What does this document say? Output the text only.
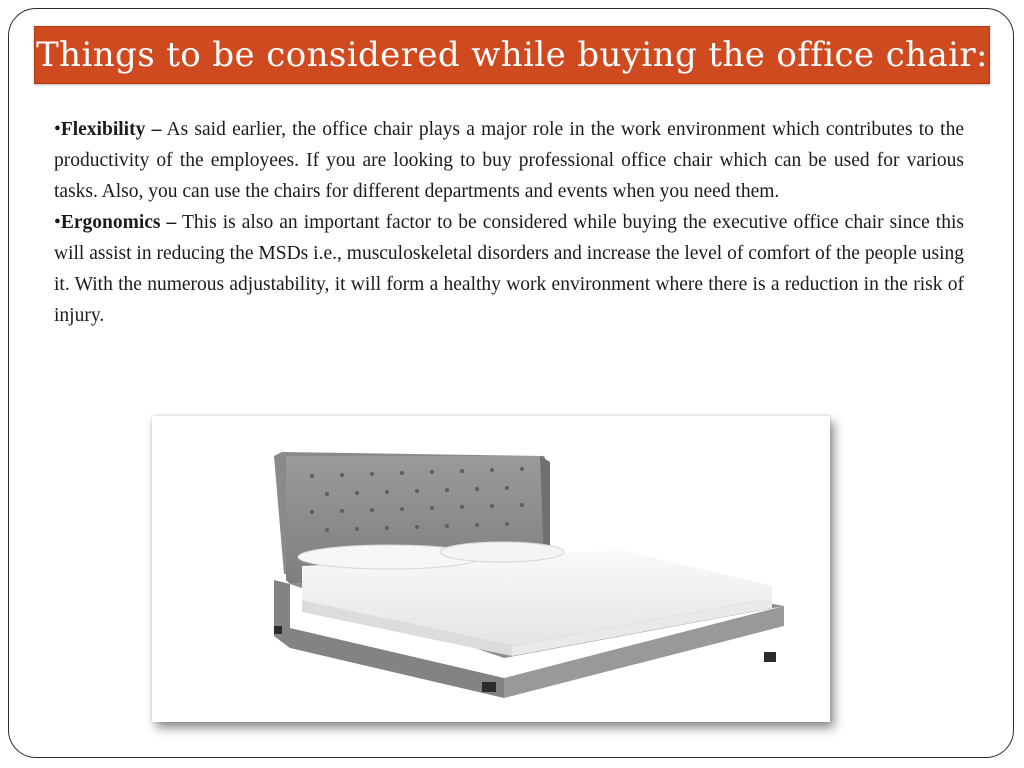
Things to be considered while buying the office chair:

•Flexibility – As said earlier, the office chair plays a major role in the work environment which contributes to the productivity of the employees. If you are looking to buy professional office chair which can be used for various tasks. Also, you can use the chairs for different departments and events when you need them.

•Ergonomics – This is also an important factor to be considered while buying the executive office chair since this will assist in reducing the MSDs i.e., musculoskeletal disorders and increase the level of comfort of the people using it. With the numerous adjustability, it will form a healthy work environment where there is a reduction in the risk of injury.
